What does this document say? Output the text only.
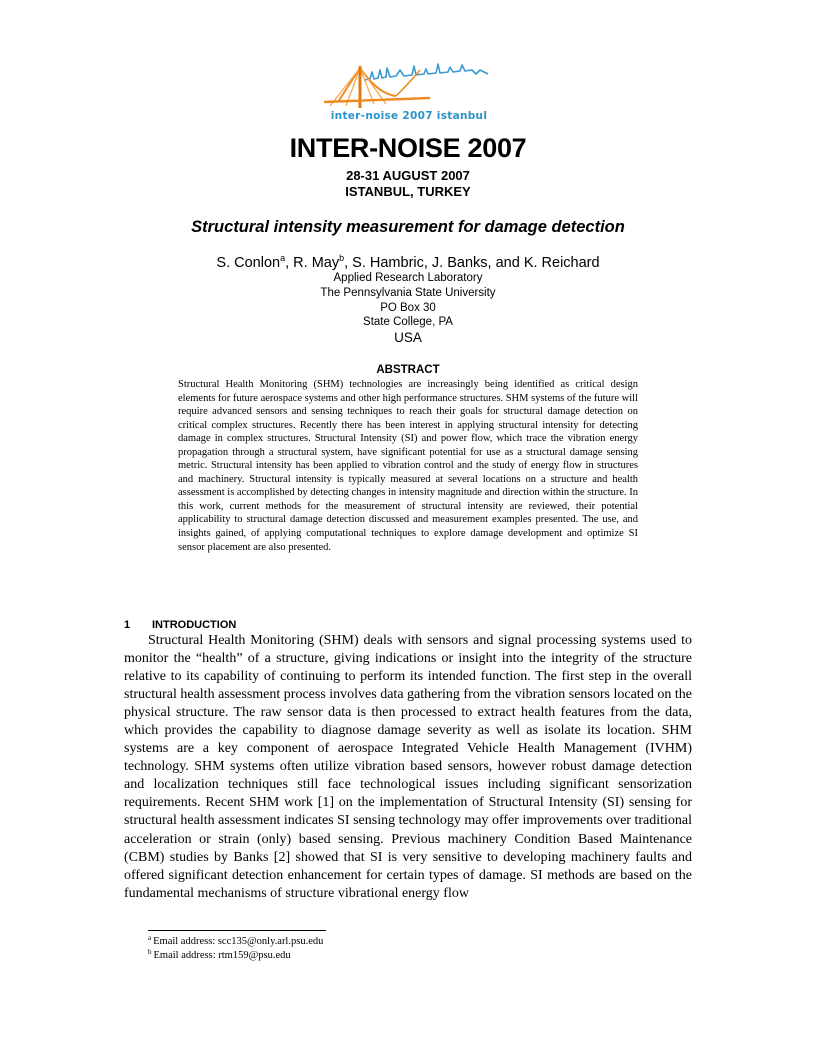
inter-noise 2007 istanbul
INTER-NOISE 2007
28-31 AUGUST 2007
ISTANBUL, TURKEY
Structural intensity measurement for damage detection
S. Conlon$^a$, R. May$^b$, S. Hambric, J. Banks, and K. Reichard
Applied Research Laboratory
The Pennsylvania State University
PO Box 30
State College, PA
USA
ABSTRACT
Structural Health Monitoring (SHM) technologies are increasingly being identified as critical design elements for future aerospace systems and other high performance structures. SHM systems of the future will require advanced sensors and sensing techniques to reach their goals for structural damage detection on critical complex structures. Recently there has been interest in applying structural intensity for detecting damage in complex structures. Structural Intensity (SI) and power flow, which trace the vibration energy propagation through a structural system, have significant potential for use as a structural damage sensing metric. Structural intensity has been applied to vibration control and the study of energy flow in structures and machinery. Structural intensity is typically measured at several locations on a structure and health assessment is accomplished by detecting changes in intensity magnitude and direction within the structure. In this work, current methods for the measurement of structural intensity are reviewed, their potential applicability to structural damage detection discussed and measurement examples presented. The use, and insights gained, of applying computational techniques to explore damage development and optimize SI sensor placement are also presented.
1 INTRODUCTION

Structural Health Monitoring (SHM) deals with sensors and signal processing systems used to monitor the “health” of a structure, giving indications or insight into the integrity of the structure relative to its capability of continuing to perform its intended function. The first step in the overall structural health assessment process involves data gathering from the vibration sensors located on the physical structure. The raw sensor data is then processed to extract health features from the data, which provides the capability to diagnose damage severity as well as isolate its location. SHM systems are a key component of aerospace Integrated Vehicle Health Management (IVHM) technology. SHM systems often utilize vibration based sensors, however robust damage detection and localization techniques still face technological issues including significant sensorization requirements. Recent SHM work [1] on the implementation of Structural Intensity (SI) sensing for structural health assessment indicates SI sensing technology may offer improvements over traditional acceleration or strain (only) based sensing. Previous machinery Condition Based Maintenance (CBM) studies by Banks [2] showed that SI is very sensitive to developing machinery faults and offered significant detection enhancement for certain types of damage. SI methods are based on the fundamental mechanisms of structure vibrational energy flow

$^a$ Email address: scc135@only.arl.psu.edu
$^b$ Email address: rtm159@psu.edu
